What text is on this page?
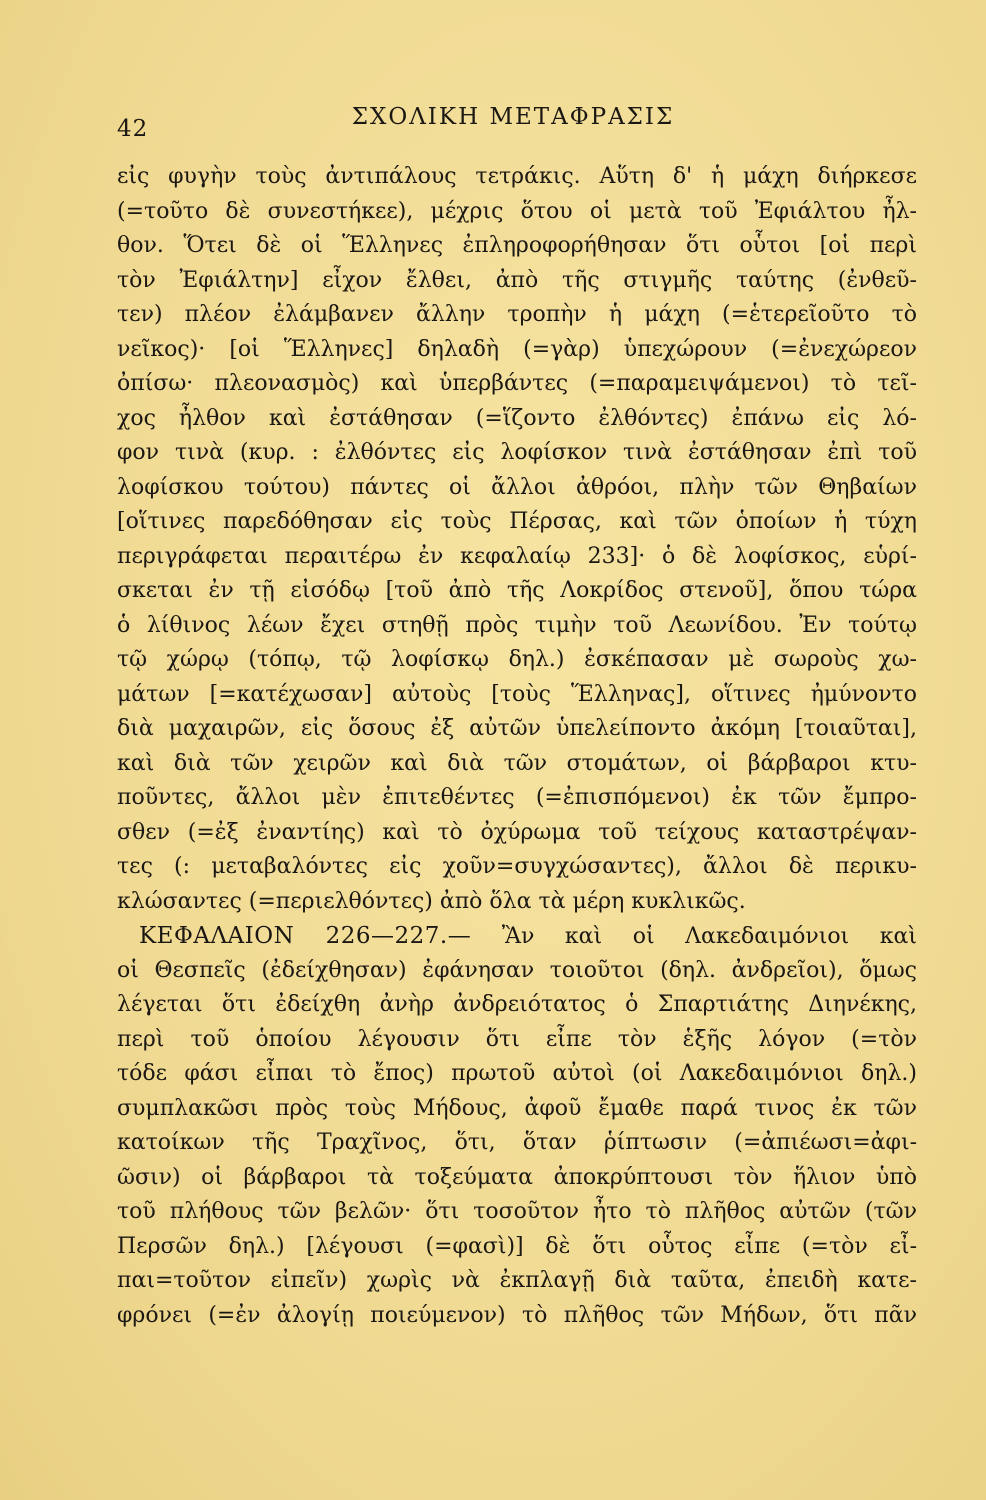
42	ΣΧΟΛΙΚΗ ΜΕΤΑΦΡΑΣΙΣ
εἰς φυγὴν τοὺς ἀντιπάλους τετράκις. Αὕτη δ' ἡ μάχη διήρκεσε
(=τοῦτο δὲ συνεστήκεε), μέχρις ὅτου οἱ μετὰ τοῦ Ἐφιάλτου ἦλ-
θον. Ὅτει δὲ οἱ Ἕλληνες ἐπληροφορήθησαν ὅτι οὗτοι [οἱ περὶ
τὸν Ἐφιάλτην] εἶχον ἔλθει, ἀπὸ τῆς στιγμῆς ταύτης (ἐνθεῦ-
τεν) πλέον ἐλάμβανεν ἄλλην τροπὴν ἡ μάχη (=ἑτερεῖοῦτο τὸ
νεῖκος)· [οἱ Ἕλληνες] δηλαδὴ (=γὰρ) ὑπεχώρουν (=ἐνεχώρεον
ὀπίσω· πλεονασμὸς) καὶ ὑπερβάντες (=παραμειψάμενοι) τὸ τεῖ-
χος ἦλθον καὶ ἐστάθησαν (=ἵζοντο ἐλθόντες) ἐπάνω εἰς λό-
φον τινὰ (κυρ. : ἐλθόντες εἰς λοφίσκον τινὰ ἐστάθησαν ἐπὶ τοῦ
λοφίσκου τούτου) πάντες οἱ ἄλλοι ἀθρόοι, πλὴν τῶν Θηβαίων
[οἵτινες παρεδόθησαν εἰς τοὺς Πέρσας, καὶ τῶν ὁποίων ἡ τύχη
περιγράφεται περαιτέρω ἐν κεφαλαίῳ 233]· ὁ δὲ λοφίσκος, εὑρί-
σκεται ἐν τῇ εἰσόδῳ [τοῦ ἀπὸ τῆς Λοκρίδος στενοῦ], ὅπου τώρα
ὁ λίθινος λέων ἔχει στηθῇ πρὸς τιμὴν τοῦ Λεωνίδου. Ἐν τούτῳ
τῷ χώρῳ (τόπῳ, τῷ λοφίσκῳ δηλ.) ἐσκέπασαν μὲ σωροὺς χω-
μάτων [=κατέχωσαν] αὐτοὺς [τοὺς Ἕλληνας], οἵτινες ἠμύνοντο
διὰ μαχαιρῶν, εἰς ὅσους ἐξ αὐτῶν ὑπελείποντο ἀκόμη [τοιαῦται],
καὶ διὰ τῶν χειρῶν καὶ διὰ τῶν στομάτων, οἱ βάρβαροι κτυ-
ποῦντες, ἄλλοι μὲν ἐπιτεθέντες (=ἐπισπόμενοι) ἐκ τῶν ἔμπρο-
σθεν (=ἐξ ἐναντίης) καὶ τὸ ὀχύρωμα τοῦ τείχους καταστρέψαν-
τες (: μεταβαλόντες εἰς χοῦν=συγχώσαντες), ἄλλοι δὲ περικυ-
κλώσαντες (=περιελθόντες) ἀπὸ ὅλα τὰ μέρη κυκλικῶς.
ΚΕΦΑΛΑΙΟΝ 226—227.— Ἂν καὶ οἱ Λακεδαιμόνιοι καὶ
οἱ Θεσπεῖς (ἐδείχθησαν) ἐφάνησαν τοιοῦτοι (δηλ. ἀνδρεῖοι), ὅμως
λέγεται ὅτι ἐδείχθη ἀνὴρ ἀνδρειότατος ὁ Σπαρτιάτης Διηνέκης,
περὶ τοῦ ὁποίου λέγουσιν ὅτι εἶπε τὸν ἑξῆς λόγον (=τὸν
τόδε φάσι εἶπαι τὸ ἔπος) πρωτοῦ αὐτοὶ (οἱ Λακεδαιμόνιοι δηλ.)
συμπλακῶσι πρὸς τοὺς Μήδους, ἀφοῦ ἔμαθε παρά τινος ἐκ τῶν
κατοίκων τῆς Τραχῖνος, ὅτι, ὅταν ῥίπτωσιν (=ἀπιέωσι=ἀφι-
ῶσιν) οἱ βάρβαροι τὰ τοξεύματα ἀποκρύπτουσι τὸν ἥλιον ὑπὸ
τοῦ πλήθους τῶν βελῶν· ὅτι τοσοῦτον ἦτο τὸ πλῆθος αὐτῶν (τῶν
Περσῶν δηλ.) [λέγουσι (=φασὶ)] δὲ ὅτι οὗτος εἶπε (=τὸν εἶ-
παι=τοῦτον εἰπεῖν) χωρὶς νὰ ἐκπλαγῇ διὰ ταῦτα, ἐπειδὴ κατε-
φρόνει (=ἐν ἀλογίῃ ποιεύμενον) τὸ πλῆθος τῶν Μήδων, ὅτι πᾶν
